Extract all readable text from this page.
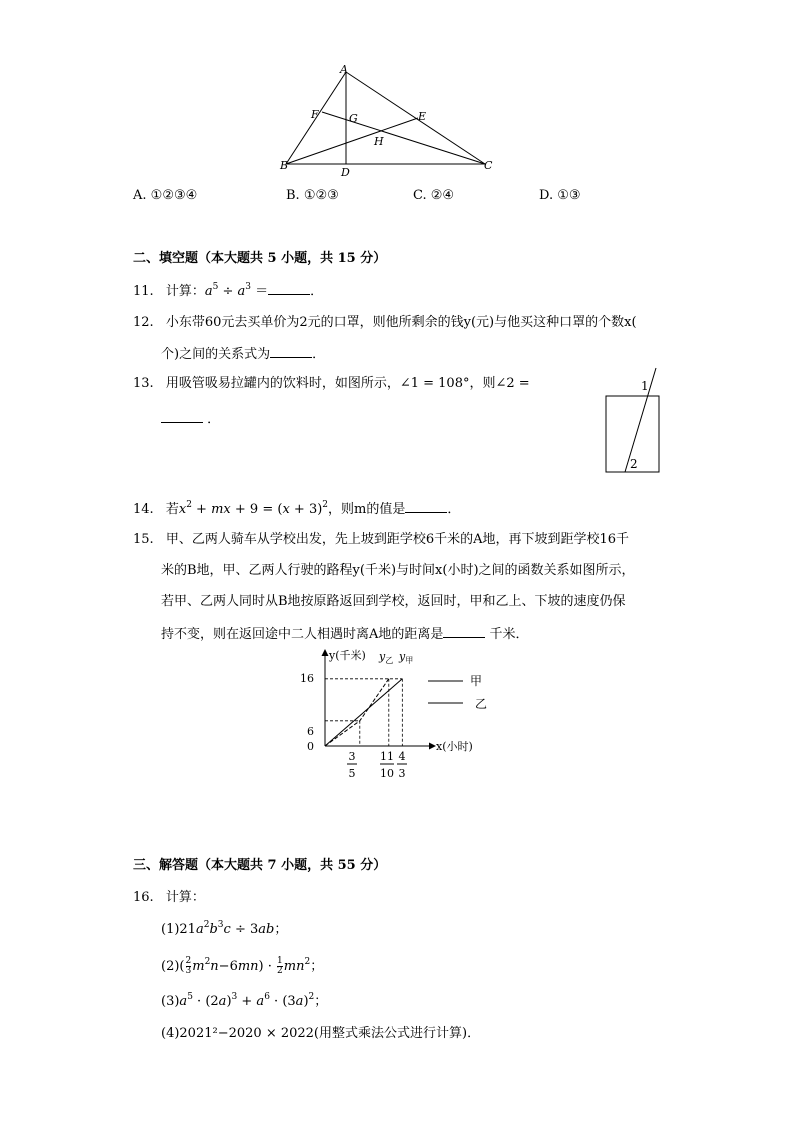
A
B	C
D
E
F	G
H
A. ①②③④	B. ①②③	C. ②④	D. ①③
二、填空题（本大题共 5 小题，共 15 分）
11. 计算：$a^5 \div a^3$ ＝	．
12. 小东带60元去买单价为2元的口罩，则他所剩余的钱y(元)与他买这种口罩的个数x(
个)之间的关系式为	．
13. 用吸管吸易拉罐内的饮料时，如图所示，∠1 = 108°，则∠2 =
．
1
2
14. 若$x^2$ + mx + $9 = (x + 3)^2$，则m的值是	．
15. 甲、乙两人骑车从学校出发，先上坡到距学校6千米的A地，再下坡到距学校16千
米的B地，甲、乙两人行驶的路程y(千米)与时间x(小时)之间的函数关系如图所示，
若甲、乙两人同时从B地按原路返回到学校，返回时，甲和乙上、下坡的速度仍保
持不变，则在返回途中二人相遇时离A地的距离是	千米．
y(千米)
x(小时)
$y_乙$ $y_甲$
0
6
16
3
5
11
10
4
3
甲
乙
三、解答题（本大题共 7 小题，共 55 分）
16. 计算：
$(1)21a^2b^3c \div 3ab$；
$(2)( \frac{2}{3} m^2n-6mn) \cdot \frac{1}{2} mn^2$；
$(3)a^5 \cdot (2a)^3 + a^6 \cdot (3a)^2$；
(4)2021²−2020 × 2022(用整式乘法公式进行计算)．
